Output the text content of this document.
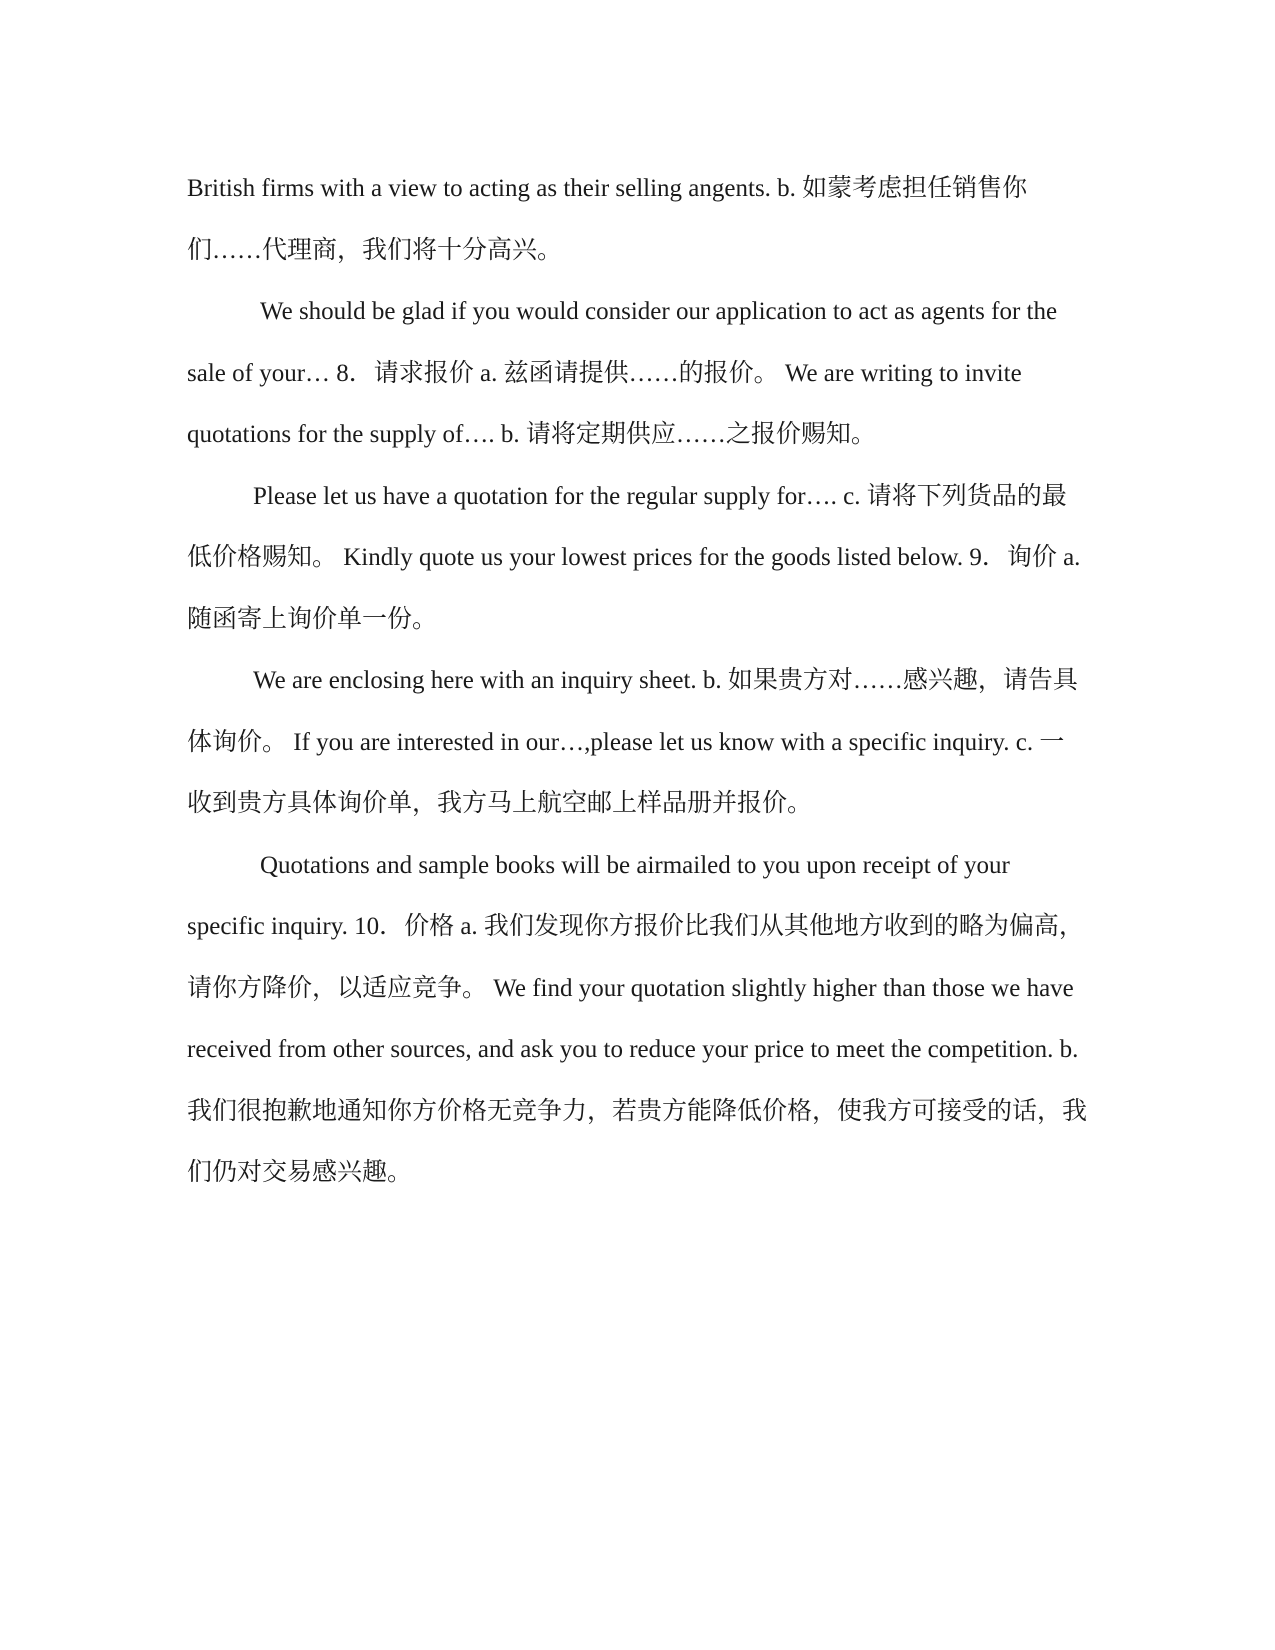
British firms with a view to acting as their selling angents. b. 如蒙考虑担任销售你们……代理商，我们将十分高兴。

We should be glad if you would consider our application to act as agents for the sale of your… 8．请求报价 a. 兹函请提供……的报价。 We are writing to invite quotations for the supply of…. b. 请将定期供应……之报价赐知。

Please let us have a quotation for the regular supply for…. c. 请将下列货品的最低价格赐知。 Kindly quote us your lowest prices for the goods listed below. 9．询价 a. 随函寄上询价单一份。

We are enclosing here with an inquiry sheet. b. 如果贵方对……感兴趣，请告具体询价。 If you are interested in our…,please let us know with a specific inquiry. c. 一收到贵方具体询价单，我方马上航空邮上样品册并报价。

Quotations and sample books will be airmailed to you upon receipt of your specific inquiry. 10．价格 a. 我们发现你方报价比我们从其他地方收到的略为偏高，请你方降价，以适应竞争。 We find your quotation slightly higher than those we have received from other sources, and ask you to reduce your price to meet the competition. b. 我们很抱歉地通知你方价格无竞争力，若贵方能降低价格，使我方可接受的话，我们仍对交易感兴趣。
